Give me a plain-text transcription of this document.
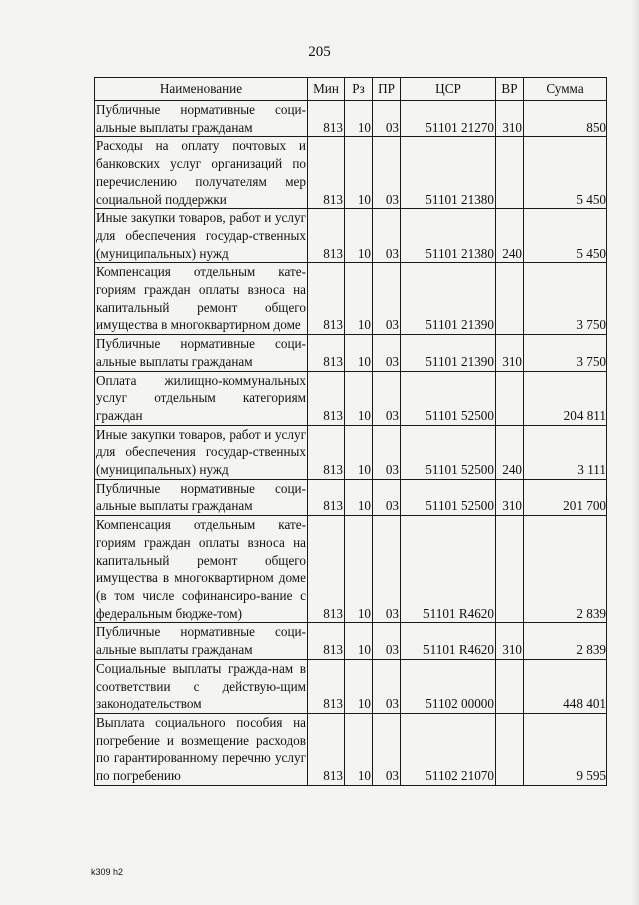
205
Наименование	Мин	Рз	ПР	ЦСР	ВР	Сумма
Публичные нормативные соци-альные выплаты гражданам	813	10	03	51101 21270	310	850
Расходы на оплату почтовых и банковских услуг организаций по перечислению получателям мер социальной поддержки	813	10	03	51101 21380		5 450
Иные закупки товаров, работ и услуг для обеспечения государ-ственных (муниципальных) нужд	813	10	03	51101 21380	240	5 450
Компенсация отдельным кате-гориям граждан оплаты взноса на капитальный ремонт общего имущества в многоквартирном доме	813	10	03	51101 21390		3 750
Публичные нормативные соци-альные выплаты гражданам	813	10	03	51101 21390	310	3 750
Оплата жилищно-коммунальных услуг отдельным категориям граждан	813	10	03	51101 52500		204 811
Иные закупки товаров, работ и услуг для обеспечения государ-ственных (муниципальных) нужд	813	10	03	51101 52500	240	3 111
Публичные нормативные соци-альные выплаты гражданам	813	10	03	51101 52500	310	201 700
Компенсация отдельным кате-гориям граждан оплаты взноса на капитальный ремонт общего имущества в многоквартирном доме (в том числе софинансиро-вание с федеральным бюдже-том)	813	10	03	51101 R4620		2 839
Публичные нормативные соци-альные выплаты гражданам	813	10	03	51101 R4620	310	2 839
Социальные выплаты гражда-нам в соответствии с действую-щим законодательством	813	10	03	51102 00000		448 401
Выплата социального пособия на погребение и возмещение расходов по гарантированному перечню услуг по погребению	813	10	03	51102 21070		9 595
k309 h2
